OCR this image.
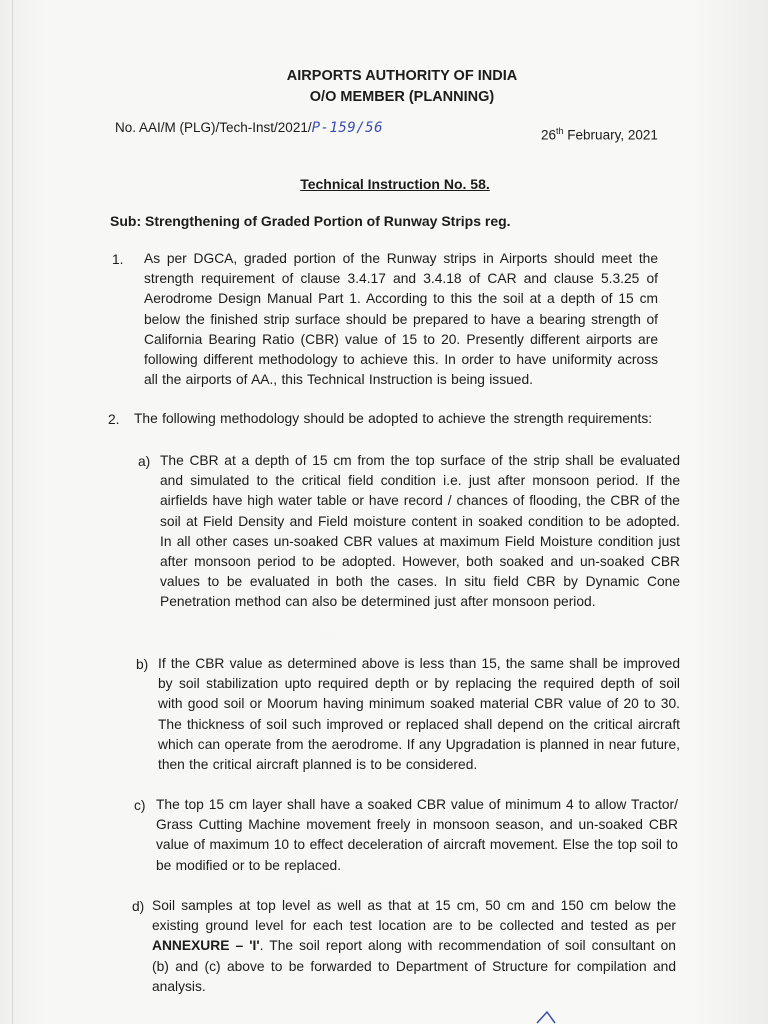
AIRPORTS AUTHORITY OF INDIA
O/O MEMBER (PLANNING)
No. AAI/M (PLG)/Tech-Inst/2021/P-159/56	26th February, 2021
Technical Instruction No. 58.
Sub: Strengthening of Graded Portion of Runway Strips reg.
1. As per DGCA, graded portion of the Runway strips in Airports should meet the strength requirement of clause 3.4.17 and 3.4.18 of CAR and clause 5.3.25 of Aerodrome Design Manual Part 1. According to this the soil at a depth of 15 cm below the finished strip surface should be prepared to have a bearing strength of California Bearing Ratio (CBR) value of 15 to 20. Presently different airports are following different methodology to achieve this. In order to have uniformity across all the airports of AA., this Technical Instruction is being issued.
2. The following methodology should be adopted to achieve the strength requirements:
a) The CBR at a depth of 15 cm from the top surface of the strip shall be evaluated and simulated to the critical field condition i.e. just after monsoon period. If the airfields have high water table or have record / chances of flooding, the CBR of the soil at Field Density and Field moisture content in soaked condition to be adopted. In all other cases un-soaked CBR values at maximum Field Moisture condition just after monsoon period to be adopted. However, both soaked and un-soaked CBR values to be evaluated in both the cases. In situ field CBR by Dynamic Cone Penetration method can also be determined just after monsoon period.
b) If the CBR value as determined above is less than 15, the same shall be improved by soil stabilization upto required depth or by replacing the required depth of soil with good soil or Moorum having minimum soaked material CBR value of 20 to 30. The thickness of soil such improved or replaced shall depend on the critical aircraft which can operate from the aerodrome. If any Upgradation is planned in near future, then the critical aircraft planned is to be considered.
c) The top 15 cm layer shall have a soaked CBR value of minimum 4 to allow Tractor/ Grass Cutting Machine movement freely in monsoon season, and un-soaked CBR value of maximum 10 to effect deceleration of aircraft movement. Else the top soil to be modified or to be replaced.
d) Soil samples at top level as well as that at 15 cm, 50 cm and 150 cm below the existing ground level for each test location are to be collected and tested as per ANNEXURE – 'I'. The soil report along with recommendation of soil consultant on (b) and (c) above to be forwarded to Department of Structure for compilation and analysis.
